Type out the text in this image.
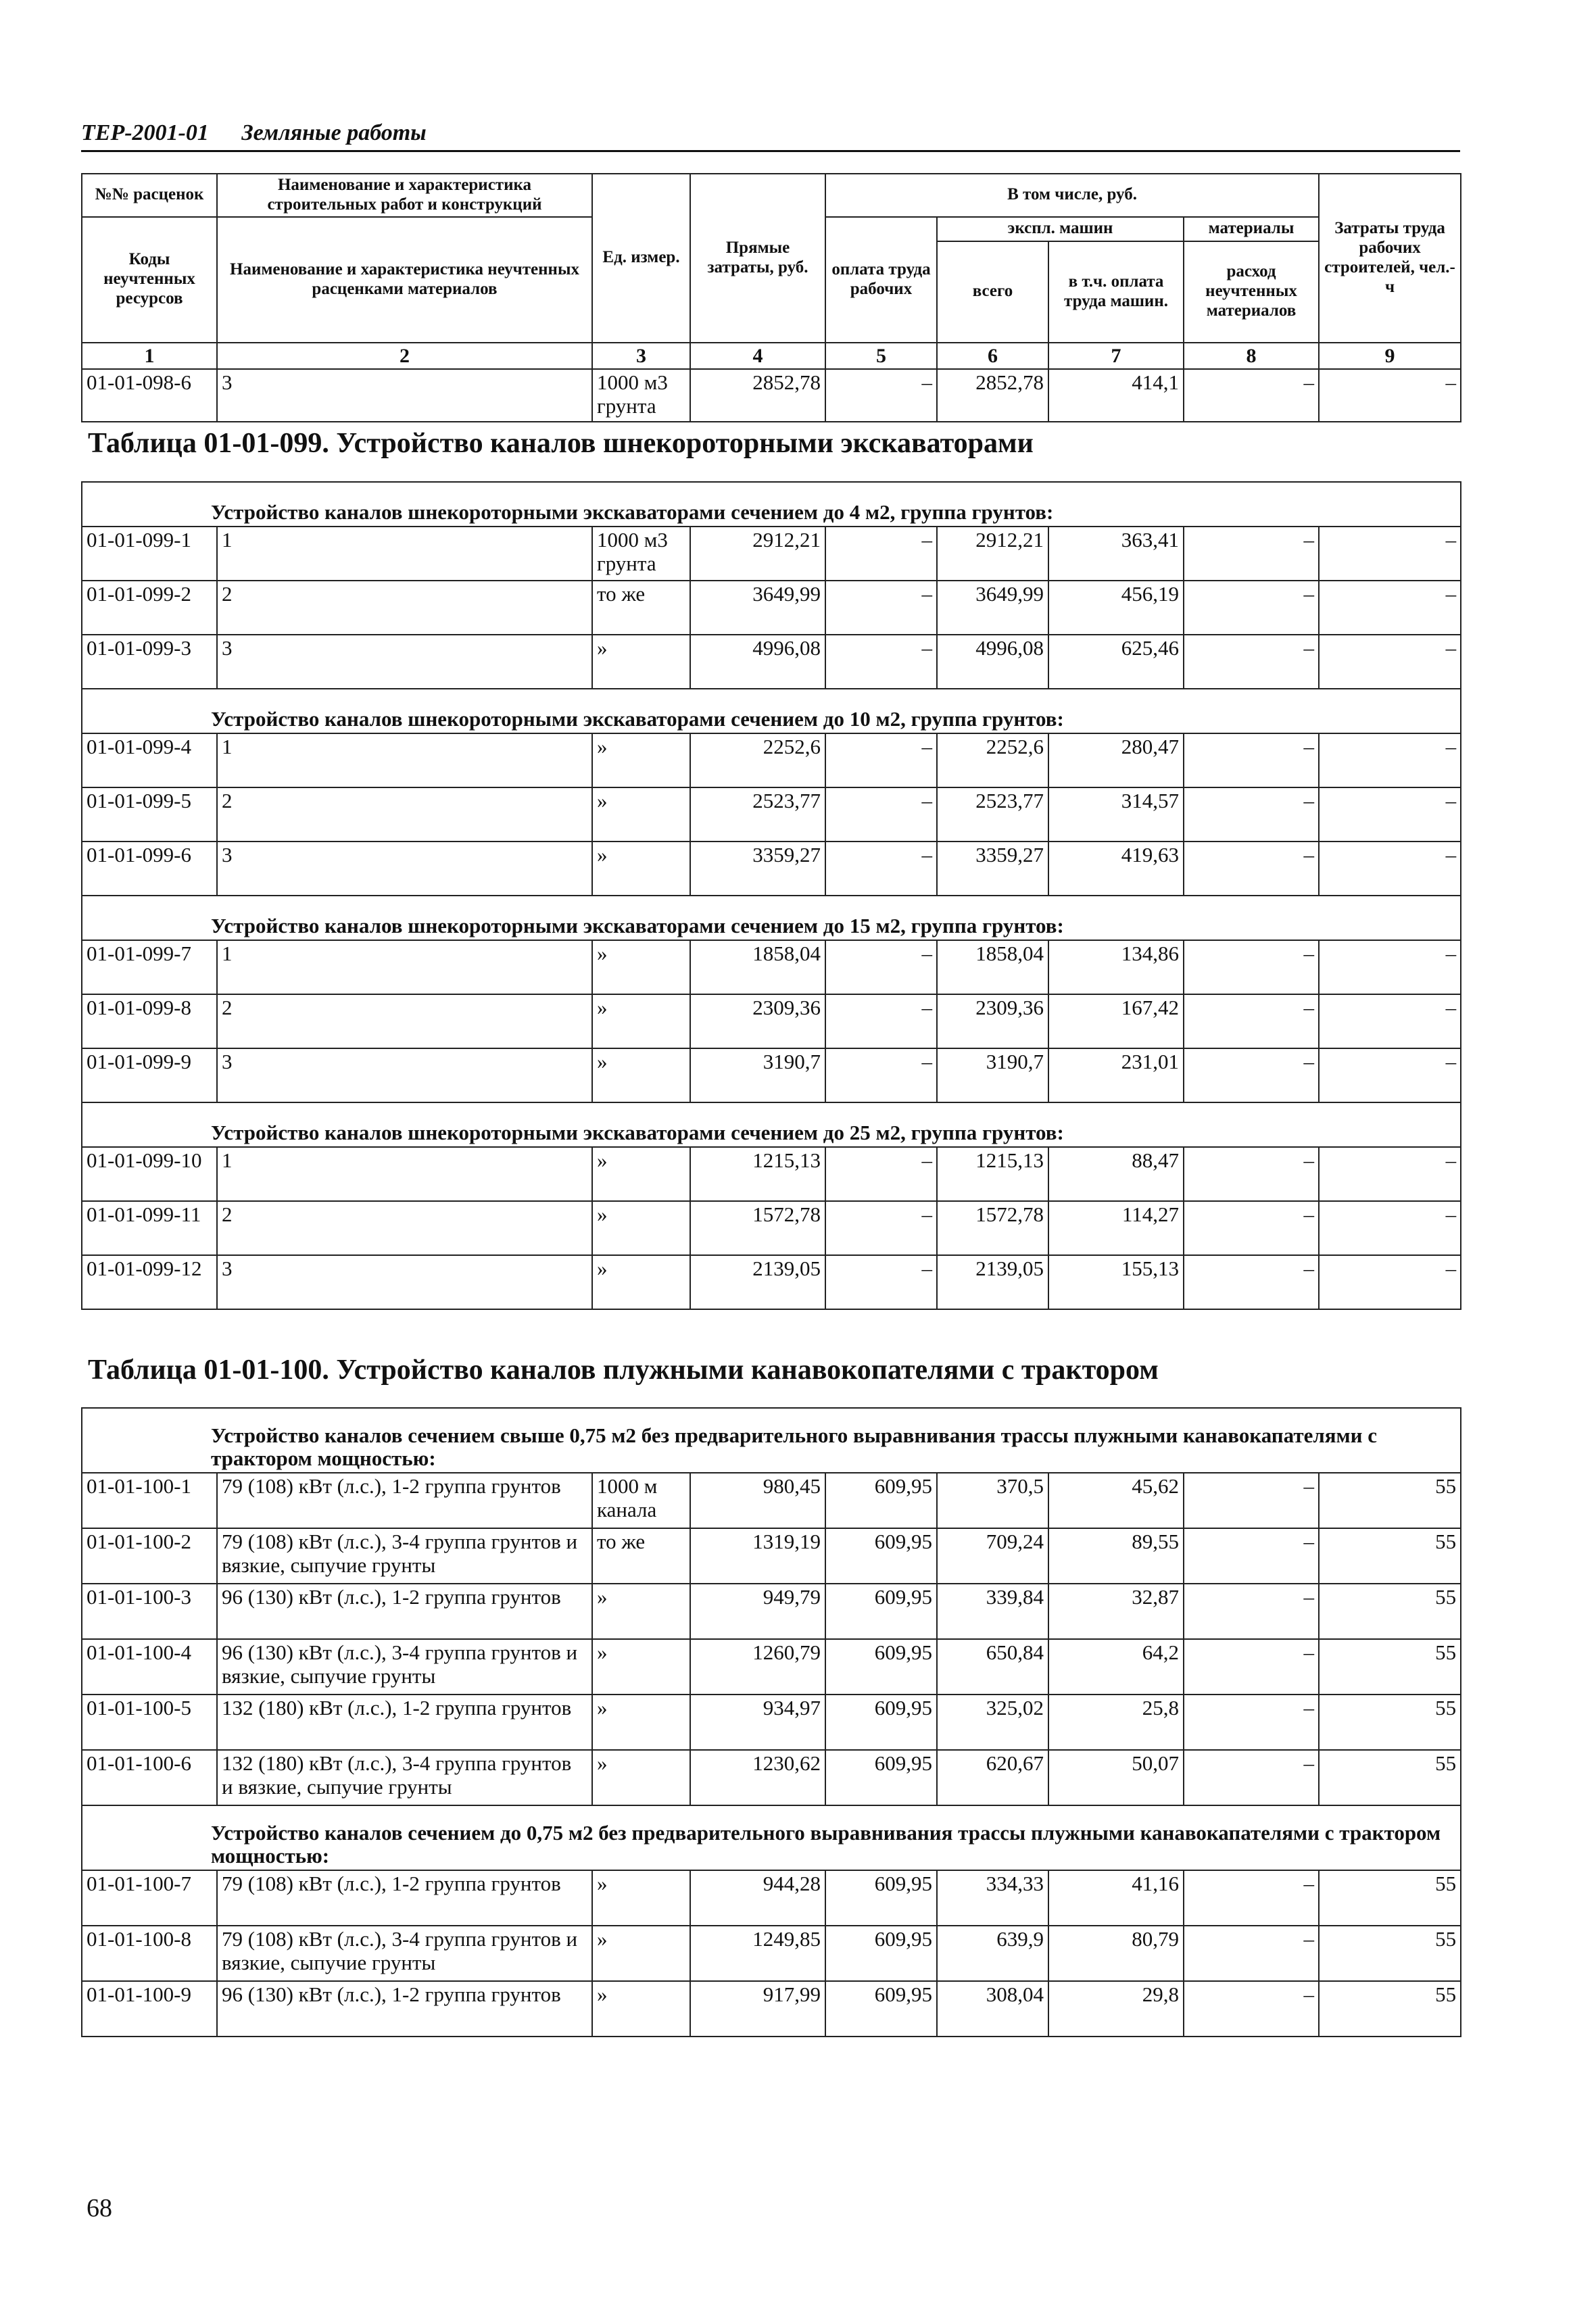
ТЕР-2001-01 Земляные работы
№№ расценок	Наименование и характеристика строительных работ и конструкций	Ед. измер.	Прямые затраты, руб.	В том числе, руб.				Затраты труда рабочих строителей, чел.-ч
Коды неучтенных ресурсов	Наименование и характеристика неучтенных расценками материалов			оплата труда рабочих	экспл. машин		материалы	
					всего	в т.ч. оплата труда машин.	расход неучтенных материалов	
1	2	3	4	5	6	7	8	9
01-01-098-6	3	1000 м3 грунта	2852,78	–	2852,78	414,1	–	–
Таблица 01-01-099. Устройство каналов шнекороторными экскаваторами
Устройство каналов шнекороторными экскаваторами сечением до 4 м2, группа грунтов:								
01-01-099-1	1	1000 м3 грунта	2912,21	–	2912,21	363,41	–	–
01-01-099-2	2	то же	3649,99	–	3649,99	456,19	–	–
01-01-099-3	3	»	4996,08	–	4996,08	625,46	–	–
Устройство каналов шнекороторными экскаваторами сечением до 10 м2, группа грунтов:								
01-01-099-4	1	»	2252,6	–	2252,6	280,47	–	–
01-01-099-5	2	»	2523,77	–	2523,77	314,57	–	–
01-01-099-6	3	»	3359,27	–	3359,27	419,63	–	–
Устройство каналов шнекороторными экскаваторами сечением до 15 м2, группа грунтов:								
01-01-099-7	1	»	1858,04	–	1858,04	134,86	–	–
01-01-099-8	2	»	2309,36	–	2309,36	167,42	–	–
01-01-099-9	3	»	3190,7	–	3190,7	231,01	–	–
Устройство каналов шнекороторными экскаваторами сечением до 25 м2, группа грунтов:								
01-01-099-10	1	»	1215,13	–	1215,13	88,47	–	–
01-01-099-11	2	»	1572,78	–	1572,78	114,27	–	–
01-01-099-12	3	»	2139,05	–	2139,05	155,13	–	–
Таблица 01-01-100. Устройство каналов плужными канавокопателями с трактором
Устройство каналов сечением свыше 0,75 м2 без предварительного выравнивания трассы плужными канавокапателями с трактором мощностью:								
01-01-100-1	79 (108) кВт (л.с.), 1-2 группа грунтов	1000 м канала	980,45	609,95	370,5	45,62	–	55
01-01-100-2	79 (108) кВт (л.с.), 3-4 группа грунтов и вязкие, сыпучие грунты	то же	1319,19	609,95	709,24	89,55	–	55
01-01-100-3	96 (130) кВт (л.с.), 1-2 группа грунтов	»	949,79	609,95	339,84	32,87	–	55
01-01-100-4	96 (130) кВт (л.с.), 3-4 группа грунтов и вязкие, сыпучие грунты	»	1260,79	609,95	650,84	64,2	–	55
01-01-100-5	132 (180) кВт (л.с.), 1-2 группа грунтов	»	934,97	609,95	325,02	25,8	–	55
01-01-100-6	132 (180) кВт (л.с.), 3-4 группа грунтов и вязкие, сыпучие грунты	»	1230,62	609,95	620,67	50,07	–	55
Устройство каналов сечением до 0,75 м2 без предварительного выравнивания трассы плужными канавокапателями с трактором мощностью:								
01-01-100-7	79 (108) кВт (л.с.), 1-2 группа грунтов	»	944,28	609,95	334,33	41,16	–	55
01-01-100-8	79 (108) кВт (л.с.), 3-4 группа грунтов и вязкие, сыпучие грунты	»	1249,85	609,95	639,9	80,79	–	55
01-01-100-9	96 (130) кВт (л.с.), 1-2 группа грунтов	»	917,99	609,95	308,04	29,8	–	55
68
